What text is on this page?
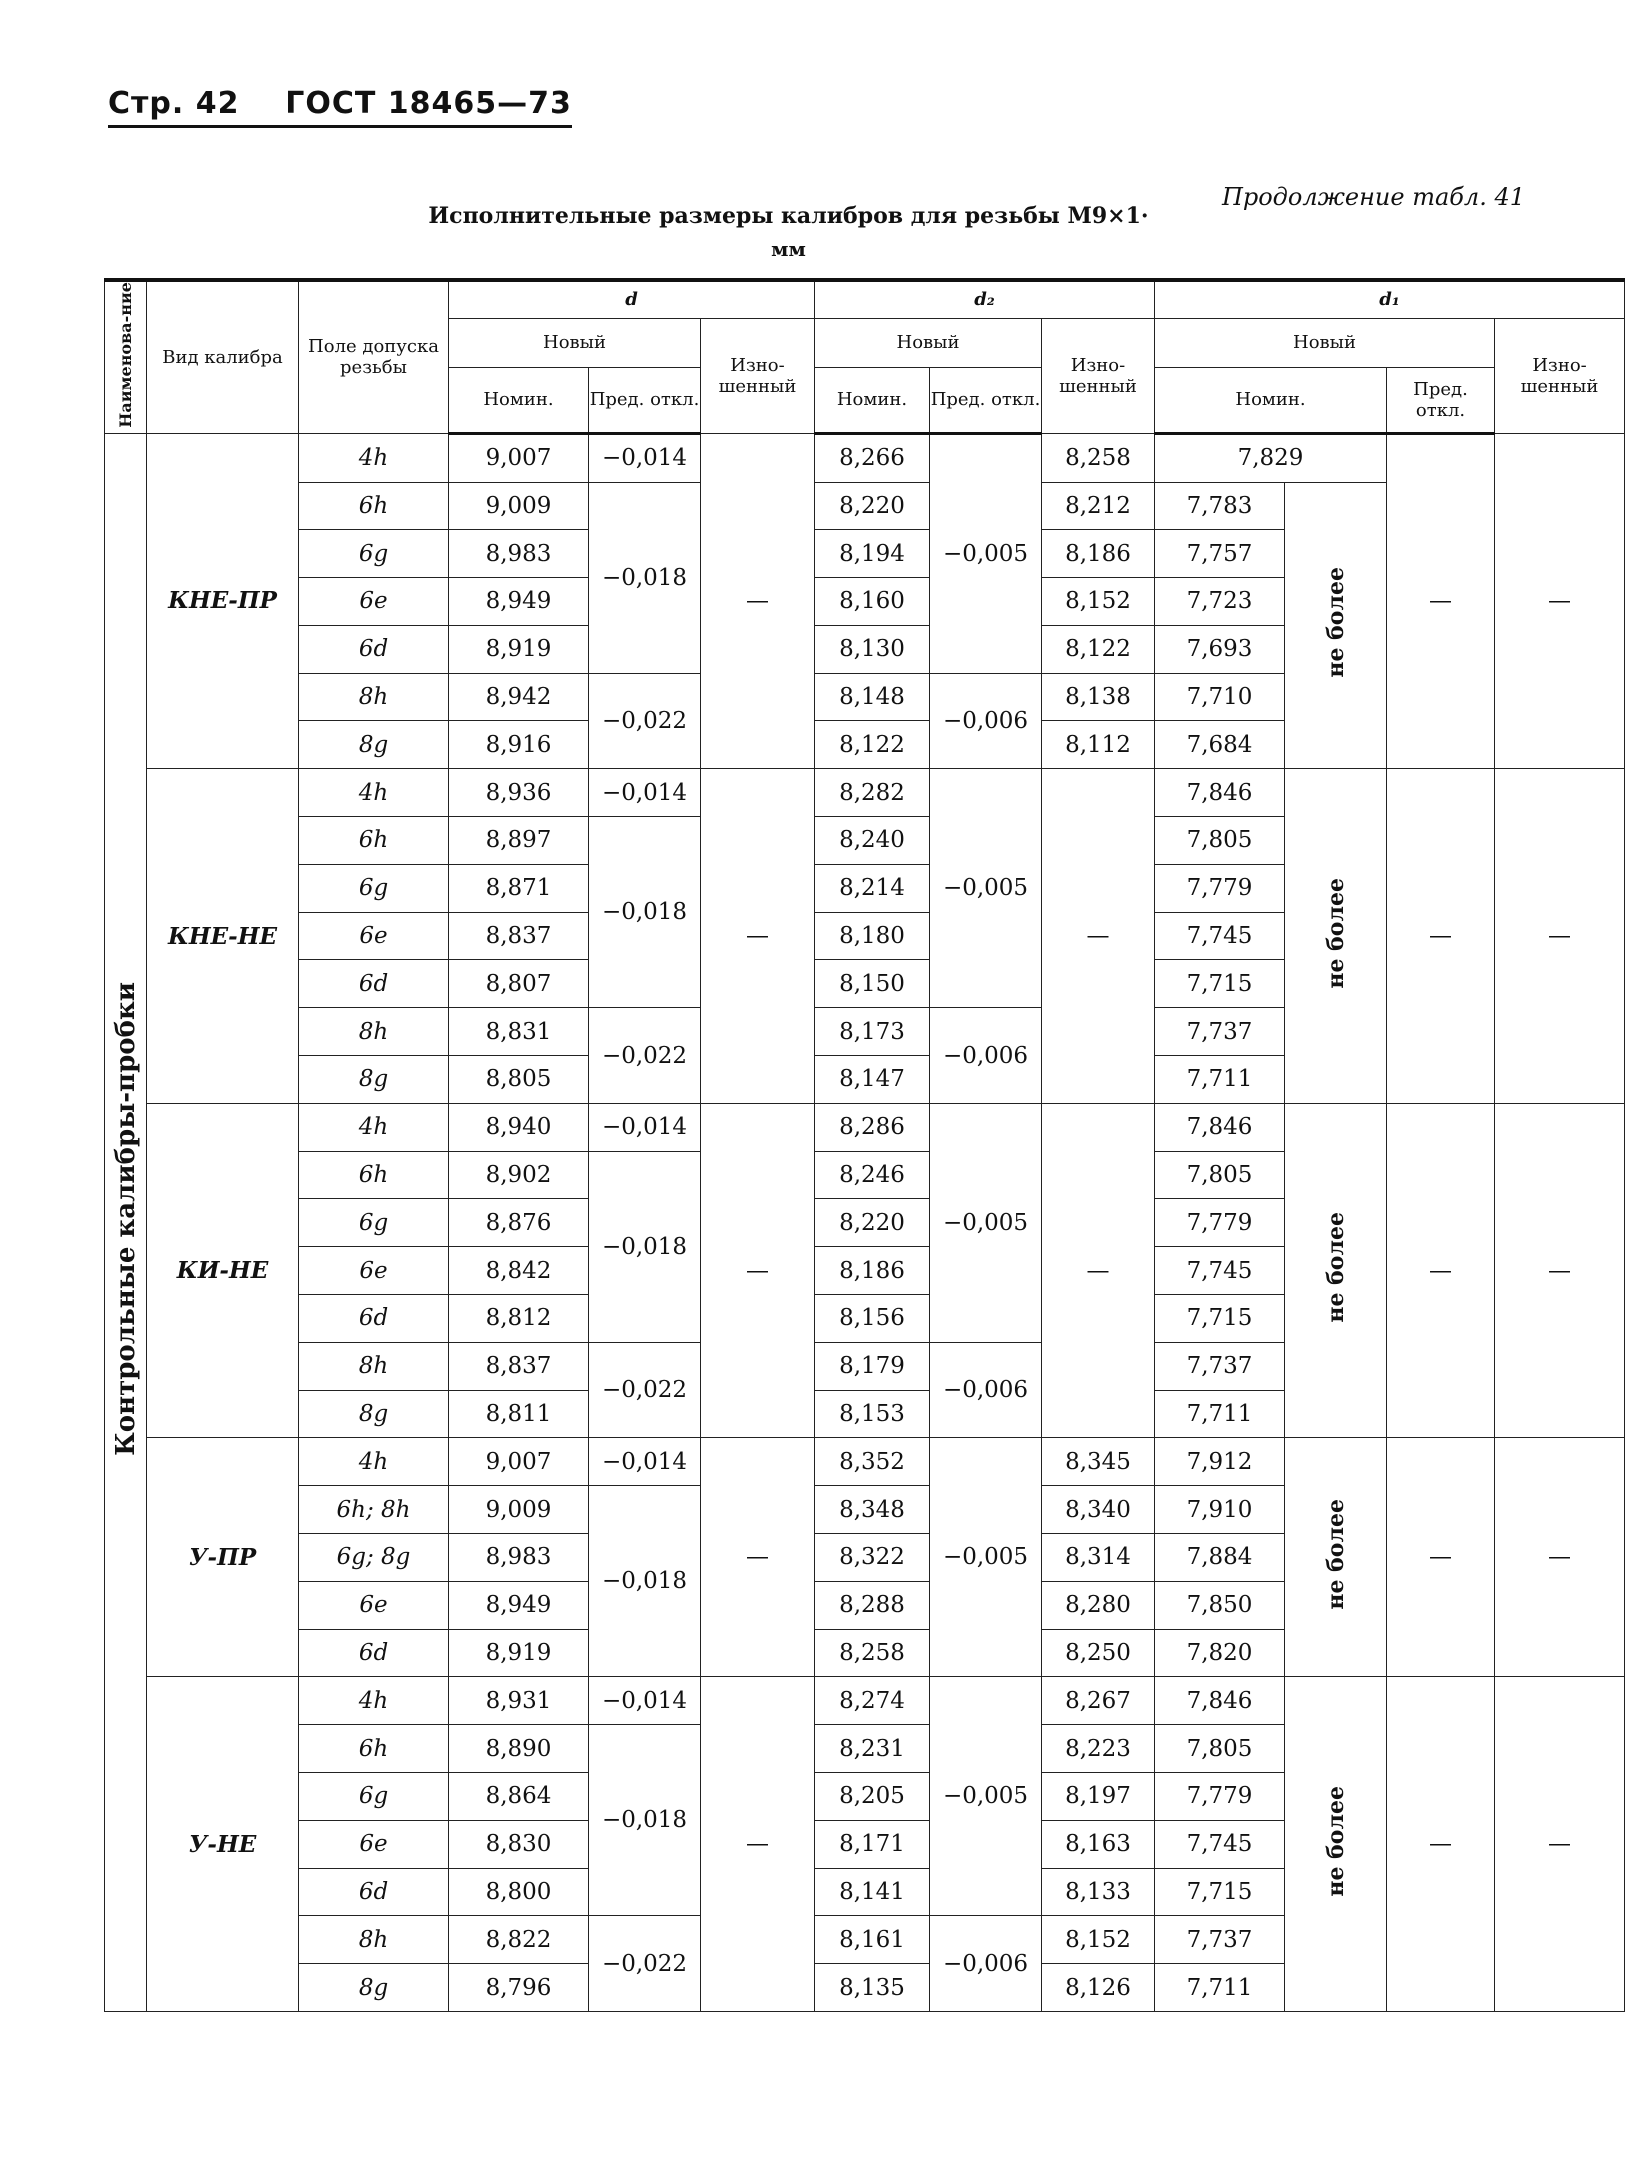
Стр. 42 ГОСТ 18465—73
Продолжение табл. 41
Исполнительные размеры калибров для резьбы M9×1·
мм
Наименова-ние	Вид калибра	Поле допуска резьбы	d			d₂			d₁			
			Новый		Изно-шенный	Новый		Изно-шенный	Новый			Изно-шенный
			Номин.	Пред. откл.		Номин.	Пред. откл.		Номин.		Пред. откл.	
Контрольные калибры-пробки	КНЕ-ПР	4h	9,007	−0,014	—	8,266	−0,005	8,258	7,829		—	—
		6h	9,009	−0,018		8,220		8,212	7,783	не более		
		6g	8,983			8,194		8,186	7,757			
		6e	8,949			8,160		8,152	7,723			
		6d	8,919			8,130		8,122	7,693			
		8h	8,942	−0,022		8,148	−0,006	8,138	7,710			
		8g	8,916			8,122		8,112	7,684			
	КНЕ-НЕ	4h	8,936	−0,014	—	8,282	−0,005	—	7,846	не более	—	—
		6h	8,897	−0,018		8,240			7,805			
		6g	8,871			8,214			7,779			
		6e	8,837			8,180			7,745			
		6d	8,807			8,150			7,715			
		8h	8,831	−0,022		8,173	−0,006		7,737			
		8g	8,805			8,147			7,711			
	КИ-НЕ	4h	8,940	−0,014	—	8,286	−0,005	—	7,846	не более	—	—
		6h	8,902	−0,018		8,246			7,805			
		6g	8,876			8,220			7,779			
		6e	8,842			8,186			7,745			
		6d	8,812			8,156			7,715			
		8h	8,837	−0,022		8,179	−0,006		7,737			
		8g	8,811			8,153			7,711			
	У-ПР	4h	9,007	−0,014	—	8,352	−0,005	8,345	7,912	не более	—	—
		6h; 8h	9,009	−0,018		8,348		8,340	7,910			
		6g; 8g	8,983			8,322		8,314	7,884			
		6e	8,949			8,288		8,280	7,850			
		6d	8,919			8,258		8,250	7,820			
	У-НЕ	4h	8,931	−0,014	—	8,274	−0,005	8,267	7,846	не более	—	—
		6h	8,890	−0,018		8,231		8,223	7,805			
		6g	8,864			8,205		8,197	7,779			
		6e	8,830			8,171		8,163	7,745			
		6d	8,800			8,141		8,133	7,715			
		8h	8,822	−0,022		8,161	−0,006	8,152	7,737			
		8g	8,796			8,135		8,126	7,711			
